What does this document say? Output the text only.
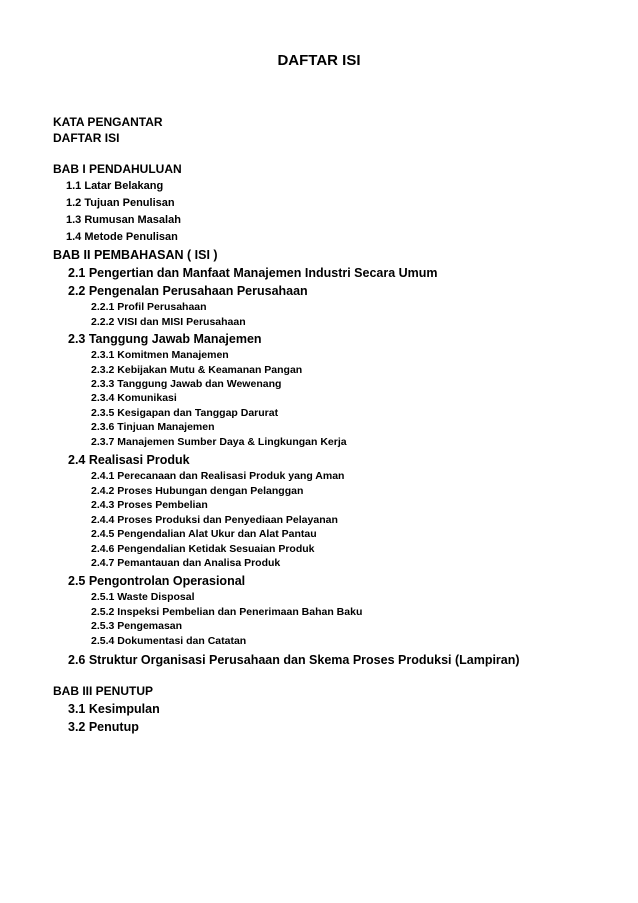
DAFTAR ISI
KATA PENGANTAR
DAFTAR ISI
BAB I PENDAHULUAN
1.1 Latar Belakang
1.2 Tujuan Penulisan
1.3 Rumusan Masalah
1.4 Metode Penulisan
BAB II PEMBAHASAN ( ISI )
2.1 Pengertian dan Manfaat Manajemen Industri Secara Umum
2.2 Pengenalan Perusahaan Perusahaan
2.2.1 Profil Perusahaan
2.2.2 VISI dan MISI Perusahaan
2.3 Tanggung Jawab Manajemen
2.3.1 Komitmen Manajemen
2.3.2 Kebijakan Mutu & Keamanan Pangan
2.3.3 Tanggung Jawab dan Wewenang
2.3.4 Komunikasi
2.3.5 Kesigapan dan Tanggap Darurat
2.3.6 Tinjuan Manajemen
2.3.7 Manajemen Sumber Daya & Lingkungan Kerja
2.4 Realisasi Produk
2.4.1 Perecanaan dan Realisasi Produk yang Aman
2.4.2 Proses Hubungan dengan Pelanggan
2.4.3 Proses Pembelian
2.4.4 Proses Produksi dan Penyediaan Pelayanan
2.4.5 Pengendalian Alat Ukur dan Alat Pantau
2.4.6 Pengendalian Ketidak Sesuaian Produk
2.4.7 Pemantauan dan Analisa Produk
2.5 Pengontrolan Operasional
2.5.1 Waste Disposal
2.5.2 Inspeksi Pembelian dan Penerimaan Bahan Baku
2.5.3 Pengemasan
2.5.4 Dokumentasi dan Catatan
2.6 Struktur Organisasi Perusahaan dan Skema Proses Produksi (Lampiran)
BAB III PENUTUP
3.1 Kesimpulan
3.2 Penutup
